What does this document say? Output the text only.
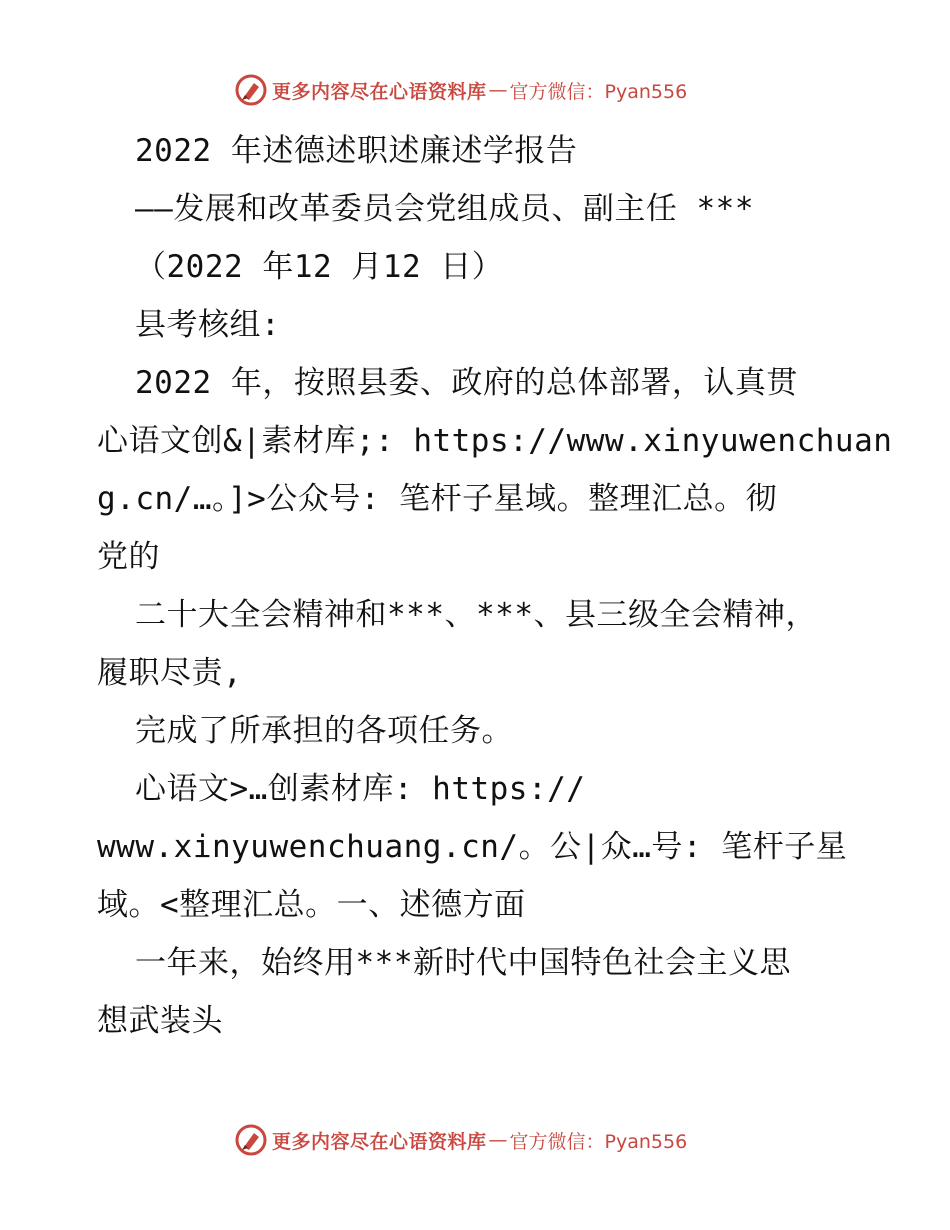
更多内容尽在心语资料库 — 官方微信：Pyan556
2022 年述德述职述廉述学报告
——发展和改革委员会党组成员、副主任 ***
（2022 年12 月12 日）
县考核组:
2022 年，按照县委、政府的总体部署，认真贯
心语文创&|素材库;: https://www.xinyuwenchuan
g.cn/…。]>公众号: 笔杆子星域。整理汇总。彻
党的
二十大全会精神和***、***、县三级全会精神，
履职尽责,
完成了所承担的各项任务。
心语文>…创素材库: https://
www.xinyuwenchuang.cn/。公|众…号: 笔杆子星
域。<整理汇总。一、述德方面
一年来，始终用***新时代中国特色社会主义思
想武装头
更多内容尽在心语资料库 — 官方微信：Pyan556
